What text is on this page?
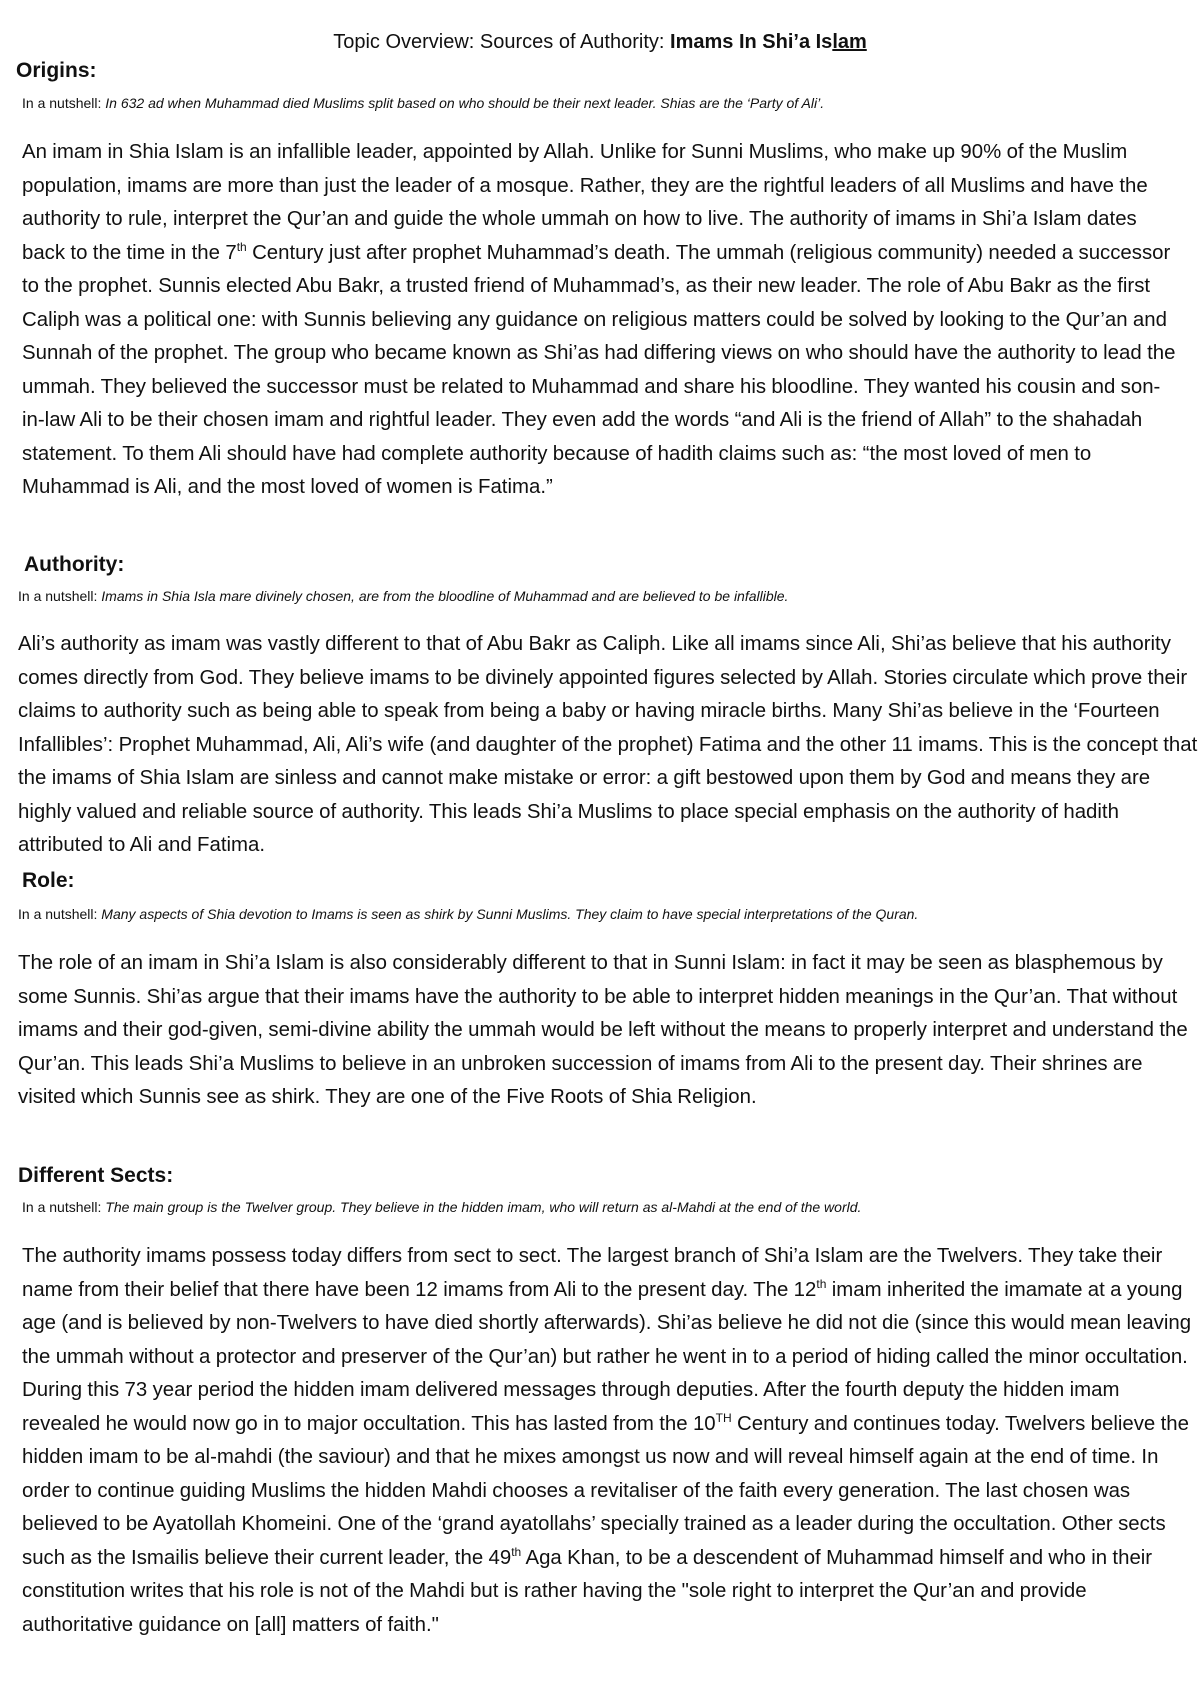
Topic Overview: Sources of Authority: Imams In Shi’a Islam
Origins:
In a nutshell: In 632 ad when Muhammad died Muslims split based on who should be their next leader. Shias are the ‘Party of Ali’.

An imam in Shia Islam is an infallible leader, appointed by Allah. Unlike for Sunni Muslims, who make up 90% of the Muslim population, imams are more than just the leader of a mosque. Rather, they are the rightful leaders of all Muslims and have the authority to rule, interpret the Qur’an and guide the whole ummah on how to live. The authority of imams in Shi’a Islam dates back to the time in the 7th Century just after prophet Muhammad’s death. The ummah (religious community) needed a successor to the prophet. Sunnis elected Abu Bakr, a trusted friend of Muhammad’s, as their new leader. The role of Abu Bakr as the first Caliph was a political one: with Sunnis believing any guidance on religious matters could be solved by looking to the Qur’an and Sunnah of the prophet. The group who became known as Shi’as had differing views on who should have the authority to lead the ummah. They believed the successor must be related to Muhammad and share his bloodline. They wanted his cousin and son-in-law Ali to be their chosen imam and rightful leader. They even add the words “and Ali is the friend of Allah” to the shahadah statement. To them Ali should have had complete authority because of hadith claims such as: “the most loved of men to Muhammad is Ali, and the most loved of women is Fatima.”

Authority:
In a nutshell: Imams in Shia Isla mare divinely chosen, are from the bloodline of Muhammad and are believed to be infallible.

Ali’s authority as imam was vastly different to that of Abu Bakr as Caliph. Like all imams since Ali, Shi’as believe that his authority comes directly from God. They believe imams to be divinely appointed figures selected by Allah. Stories circulate which prove their claims to authority such as being able to speak from being a baby or having miracle births. Many Shi’as believe in the ‘Fourteen Infallibles’: Prophet Muhammad, Ali, Ali’s wife (and daughter of the prophet) Fatima and the other 11 imams. This is the concept that the imams of Shia Islam are sinless and cannot make mistake or error: a gift bestowed upon them by God and means they are highly valued and reliable source of authority. This leads Shi’a Muslims to place special emphasis on the authority of hadith attributed to Ali and Fatima.

Role:
In a nutshell: Many aspects of Shia devotion to Imams is seen as shirk by Sunni Muslims. They claim to have special interpretations of the Quran.

The role of an imam in Shi’a Islam is also considerably different to that in Sunni Islam: in fact it may be seen as blasphemous by some Sunnis. Shi’as argue that their imams have the authority to be able to interpret hidden meanings in the Qur’an. That without imams and their god-given, semi-divine ability the ummah would be left without the means to properly interpret and understand the Qur’an. This leads Shi’a Muslims to believe in an unbroken succession of imams from Ali to the present day. Their shrines are visited which Sunnis see as shirk. They are one of the Five Roots of Shia Religion.

Different Sects:
In a nutshell: The main group is the Twelver group. They believe in the hidden imam, who will return as al-Mahdi at the end of the world.

The authority imams possess today differs from sect to sect. The largest branch of Shi’a Islam are the Twelvers. They take their name from their belief that there have been 12 imams from Ali to the present day. The 12th imam inherited the imamate at a young age (and is believed by non-Twelvers to have died shortly afterwards). Shi’as believe he did not die (since this would mean leaving the ummah without a protector and preserver of the Qur’an) but rather he went in to a period of hiding called the minor occultation. During this 73 year period the hidden imam delivered messages through deputies. After the fourth deputy the hidden imam revealed he would now go in to major occultation. This has lasted from the 10TH Century and continues today. Twelvers believe the hidden imam to be al-mahdi (the saviour) and that he mixes amongst us now and will reveal himself again at the end of time. In order to continue guiding Muslims the hidden Mahdi chooses a revitaliser of the faith every generation. The last chosen was believed to be Ayatollah Khomeini. One of the ‘grand ayatollahs’ specially trained as a leader during the occultation. Other sects such as the Ismailis believe their current leader, the 49th Aga Khan, to be a descendent of Muhammad himself and who in their constitution writes that his role is not of the Mahdi but is rather having the "sole right to interpret the Qur’an and provide authoritative guidance on [all] matters of faith."
